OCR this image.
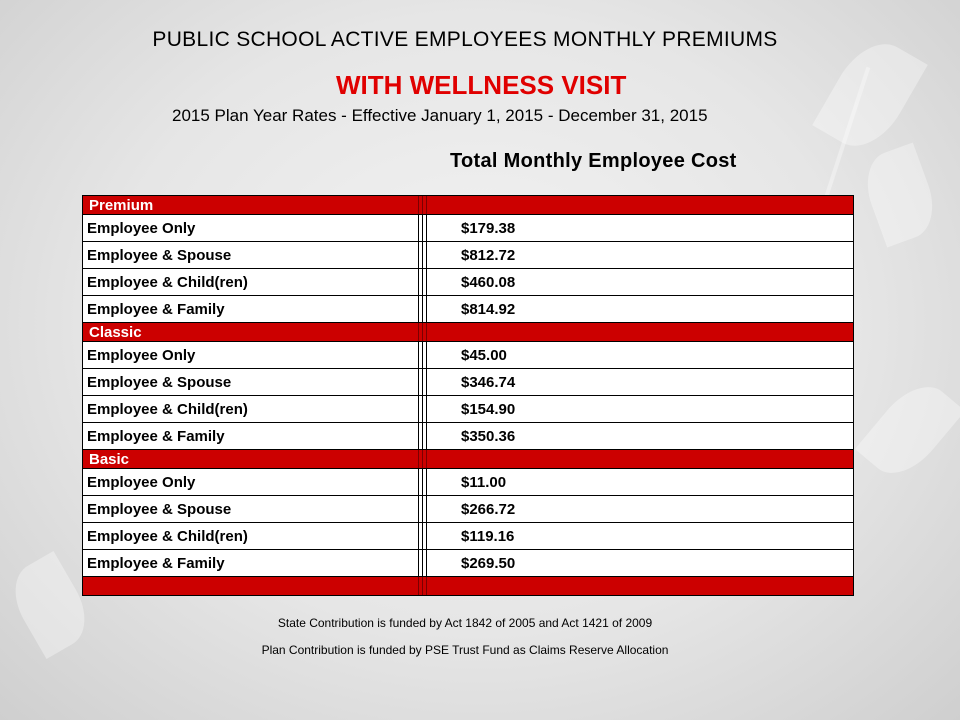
PUBLIC SCHOOL ACTIVE EMPLOYEES MONTHLY PREMIUMS
WITH WELLNESS VISIT
2015 Plan Year Rates - Effective January 1, 2015 - December 31, 2015
Total Monthly Employee Cost
Premium
Employee Only	$179.38
Employee & Spouse	$812.72
Employee & Child(ren)	$460.08
Employee & Family	$814.92
Classic
Employee Only	$45.00
Employee & Spouse	$346.74
Employee & Child(ren)	$154.90
Employee & Family	$350.36
Basic
Employee Only	$11.00
Employee & Spouse	$266.72
Employee & Child(ren)	$119.16
Employee & Family	$269.50
State Contribution is funded by Act 1842 of 2005 and Act 1421 of 2009
Plan Contribution is funded by PSE Trust Fund as Claims Reserve Allocation
